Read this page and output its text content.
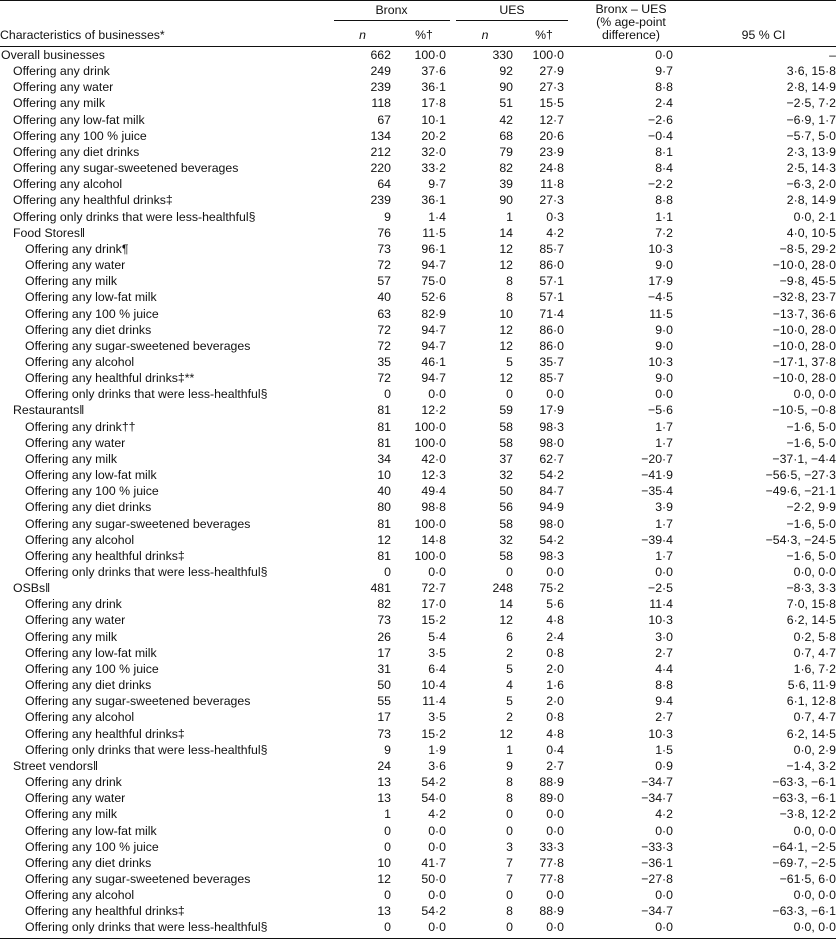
	Bronx		UES		Bronx – UES
(% age-point
difference)	95 % CI
Characteristics of businesses*	n	%†	n	%†		
Overall businesses	662	100·0	330	100·0	0·0	–
Offering any drink	249	37·6	92	27·9	9·7	3·6, 15·8
Offering any water	239	36·1	90	27·3	8·8	2·8, 14·9
Offering any milk	118	17·8	51	15·5	2·4	−2·5, 7·2
Offering any low-fat milk	67	10·1	42	12·7	−2·6	−6·9, 1·7
Offering any 100 % juice	134	20·2	68	20·6	−0·4	−5·7, 5·0
Offering any diet drinks	212	32·0	79	23·9	8·1	2·3, 13·9
Offering any sugar-sweetened beverages	220	33·2	82	24·8	8·4	2·5, 14·3
Offering any alcohol	64	9·7	39	11·8	−2·2	−6·3, 2·0
Offering any healthful drinks‡	239	36·1	90	27·3	8·8	2·8, 14·9
Offering only drinks that were less-healthful§	9	1·4	1	0·3	1·1	0·0, 2·1
Food Stores‖	76	11·5	14	4·2	7·2	4·0, 10·5
Offering any drink¶	73	96·1	12	85·7	10·3	−8·5, 29·2
Offering any water	72	94·7	12	86·0	9·0	−10·0, 28·0
Offering any milk	57	75·0	8	57·1	17·9	−9·8, 45·5
Offering any low-fat milk	40	52·6	8	57·1	−4·5	−32·8, 23·7
Offering any 100 % juice	63	82·9	10	71·4	11·5	−13·7, 36·6
Offering any diet drinks	72	94·7	12	86·0	9·0	−10·0, 28·0
Offering any sugar-sweetened beverages	72	94·7	12	86·0	9·0	−10·0, 28·0
Offering any alcohol	35	46·1	5	35·7	10·3	−17·1, 37·8
Offering any healthful drinks‡**	72	94·7	12	85·7	9·0	−10·0, 28·0
Offering only drinks that were less-healthful§	0	0·0	0	0·0	0·0	0·0, 0·0
Restaurants‖	81	12·2	59	17·9	−5·6	−10·5, −0·8
Offering any drink††	81	100·0	58	98·3	1·7	−1·6, 5·0
Offering any water	81	100·0	58	98·0	1·7	−1·6, 5·0
Offering any milk	34	42·0	37	62·7	−20·7	−37·1, −4·4
Offering any low-fat milk	10	12·3	32	54·2	−41·9	−56·5, −27·3
Offering any 100 % juice	40	49·4	50	84·7	−35·4	−49·6, −21·1
Offering any diet drinks	80	98·8	56	94·9	3·9	−2·2, 9·9
Offering any sugar-sweetened beverages	81	100·0	58	98·0	1·7	−1·6, 5·0
Offering any alcohol	12	14·8	32	54·2	−39·4	−54·3, −24·5
Offering any healthful drinks‡	81	100·0	58	98·3	1·7	−1·6, 5·0
Offering only drinks that were less-healthful§	0	0·0	0	0·0	0·0	0·0, 0·0
OSBs‖	481	72·7	248	75·2	−2·5	−8·3, 3·3
Offering any drink	82	17·0	14	5·6	11·4	7·0, 15·8
Offering any water	73	15·2	12	4·8	10·3	6·2, 14·5
Offering any milk	26	5·4	6	2·4	3·0	0·2, 5·8
Offering any low-fat milk	17	3·5	2	0·8	2·7	0·7, 4·7
Offering any 100 % juice	31	6·4	5	2·0	4·4	1·6, 7·2
Offering any diet drinks	50	10·4	4	1·6	8·8	5·6, 11·9
Offering any sugar-sweetened beverages	55	11·4	5	2·0	9·4	6·1, 12·8
Offering any alcohol	17	3·5	2	0·8	2·7	0·7, 4·7
Offering any healthful drinks‡	73	15·2	12	4·8	10·3	6·2, 14·5
Offering only drinks that were less-healthful§	9	1·9	1	0·4	1·5	0·0, 2·9
Street vendors‖	24	3·6	9	2·7	0·9	−1·4, 3·2
Offering any drink	13	54·2	8	88·9	−34·7	−63·3, −6·1
Offering any water	13	54·0	8	89·0	−34·7	−63·3, −6·1
Offering any milk	1	4·2	0	0·0	4·2	−3·8, 12·2
Offering any low-fat milk	0	0·0	0	0·0	0·0	0·0, 0·0
Offering any 100 % juice	0	0·0	3	33·3	−33·3	−64·1, −2·5
Offering any diet drinks	10	41·7	7	77·8	−36·1	−69·7, −2·5
Offering any sugar-sweetened beverages	12	50·0	7	77·8	−27·8	−61·5, 6·0
Offering any alcohol	0	0·0	0	0·0	0·0	0·0, 0·0
Offering any healthful drinks‡	13	54·2	8	88·9	−34·7	−63·3, −6·1
Offering only drinks that were less-healthful§	0	0·0	0	0·0	0·0	0·0, 0·0
